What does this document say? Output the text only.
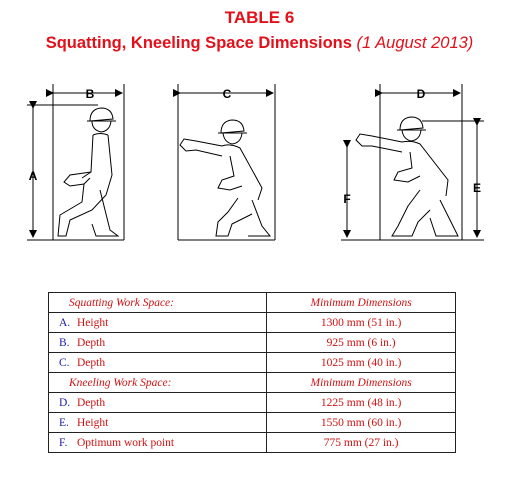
TABLE 6
Squatting, Kneeling Space Dimensions (1 August 2013)
B
A
C	D
E
F
Squatting Work Space:	Minimum Dimensions
A. Height	1300 mm (51 in.)
B. Depth	925 mm (6 in.)
C. Depth	1025 mm (40 in.)
Kneeling Work Space:	Minimum Dimensions
D. Depth	1225 mm (48 in.)
E. Height	1550 mm (60 in.)
F. Optimum work point	775 mm (27 in.)
